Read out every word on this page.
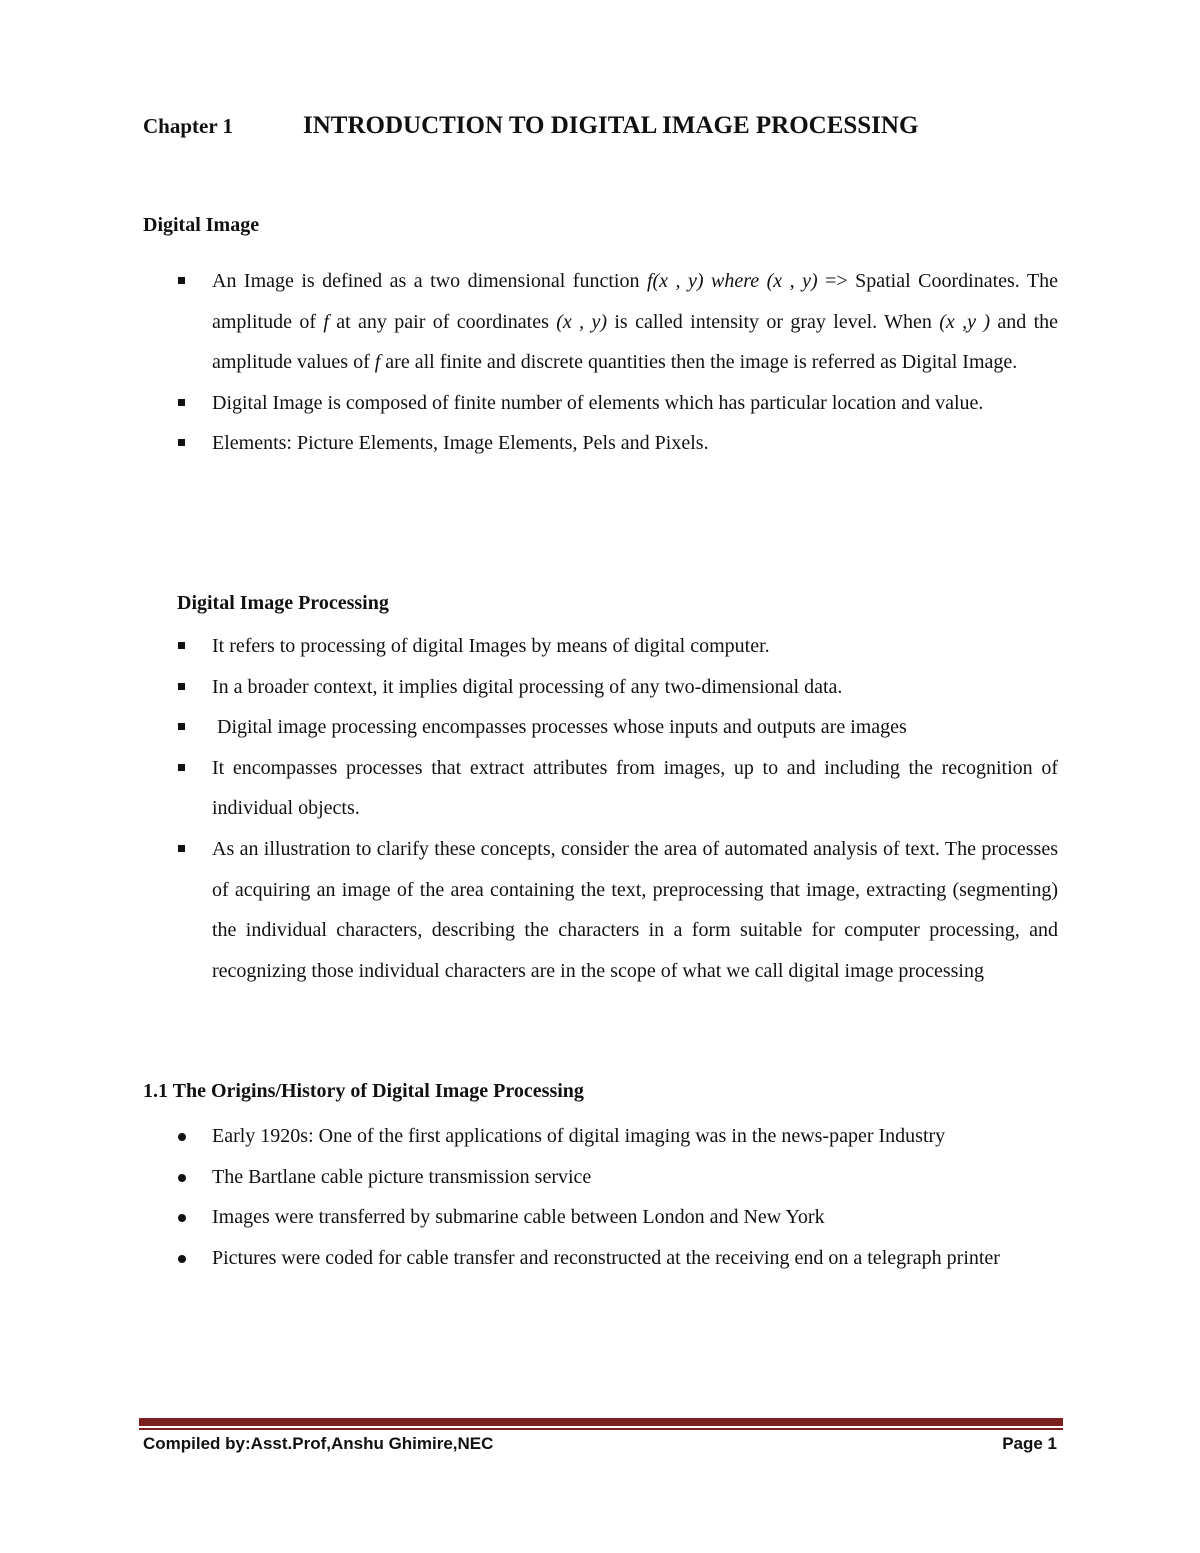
Chapter 1	INTRODUCTION TO DIGITAL IMAGE PROCESSING
Digital Image
An Image is defined as a two dimensional function f(x , y) where (x , y) => Spatial Coordinates. The amplitude of f at any pair of coordinates (x , y) is called intensity or gray level. When (x ,y ) and the amplitude values of f are all finite and discrete quantities then the image is referred as Digital Image.
Digital Image is composed of finite number of elements which has particular location and value.
Elements: Picture Elements, Image Elements, Pels and Pixels.
Digital Image Processing
It refers to processing of digital Images by means of digital computer.
In a broader context, it implies digital processing of any two-dimensional data.
Digital image processing encompasses processes whose inputs and outputs are images
It encompasses processes that extract attributes from images, up to and including the recognition of individual objects.
As an illustration to clarify these concepts, consider the area of automated analysis of text. The processes of acquiring an image of the area containing the text, preprocessing that image, extracting (segmenting) the individual characters, describing the characters in a form suitable for computer processing, and recognizing those individual characters are in the scope of what we call digital image processing
1.1 The Origins/History of Digital Image Processing
Early 1920s: One of the first applications of digital imaging was in the news-paper Industry
The Bartlane cable picture transmission service
Images were transferred by submarine cable between London and New York
Pictures were coded for cable transfer and reconstructed at the receiving end on a telegraph printer
Compiled by:Asst.Prof,Anshu Ghimire,NEC	Page 1
